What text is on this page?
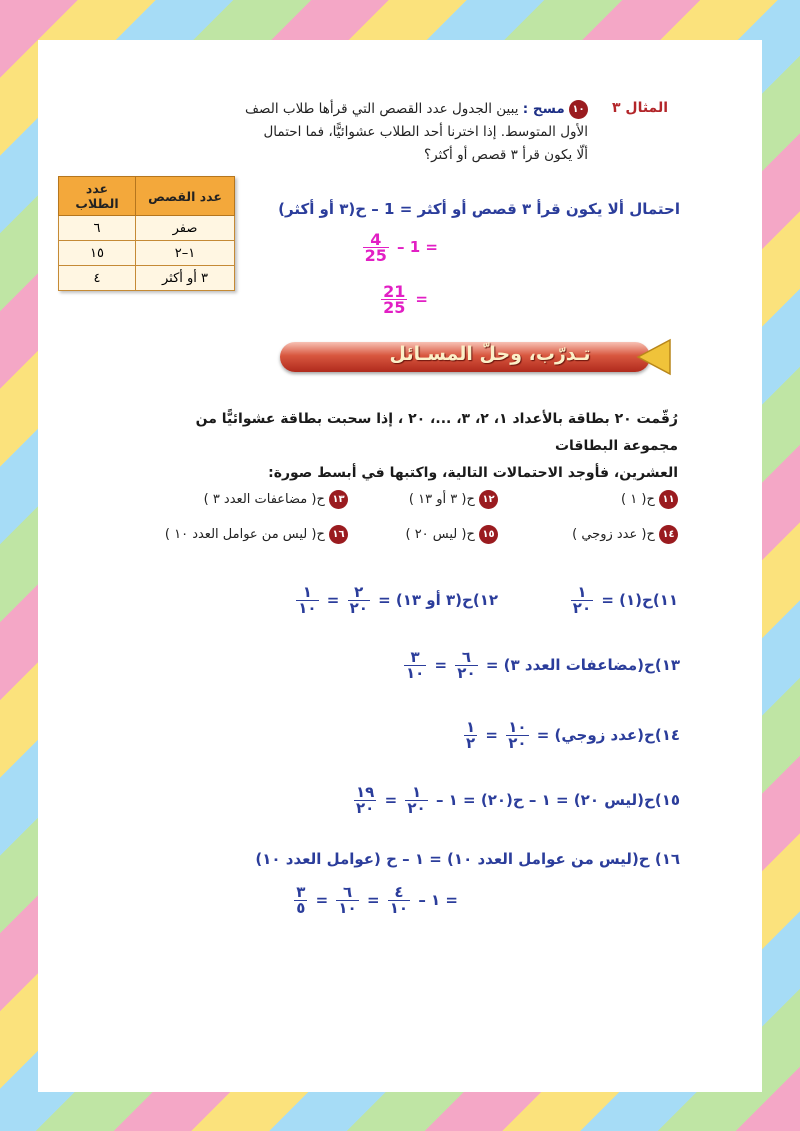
المثال ٣
١٠ مسح : يبين الجدول عدد القصص التي قرأها طلاب الصف
الأول المتوسط. إذا اخترنا أحد الطلاب عشوائيًّا، فما احتمال
ألّا يكون قرأ ٣ قصص أو أكثر؟
عدد القصص	عدد الطلاب
صفر	٦
١–٢	١٥
٣ أو أكثر	٤
احتمال ألا يكون قرأ ٣ قصص أو أكثر = 1 – ح(٣ أو أكثر)
= 1 –
$\frac{4}{25}$
=
$\frac{21}{25}$
تـدرّب، وحلّ المسـائل
رُقّمت ٢٠ بطاقة بالأعداد ١، ٢، ٣، ...، ٢٠ ، إذا سحبت بطاقة عشوائيًّا من مجموعة البطاقات
العشرين، فأوجد الاحتمالات التالية، واكتبها في أبسط صورة:
١١ ح( ١ )
١٢ ح( ٣ أو ١٣ )
١٣ ح( مضاعفات العدد ٣ )
١٤ ح( عدد زوجي )
١٥ ح( ليس ٢٠ )
١٦ ح( ليس من عوامل العدد ١٠ )
١١)ح(١) =
$\frac{١}{٢٠}$
١٢)ح(٣ أو ١٣) =
$\frac{٢}{٢٠}$
=
$\frac{١}{١٠}$
١٣)ح(مضاعفات العدد ٣) =
$\frac{٦}{٢٠}$
=
$\frac{٣}{١٠}$
١٤)ح(عدد زوجي) =
$\frac{١٠}{٢٠}$
=
$\frac{١}{٢}$
١٥)ح(ليس ٢٠) = ١ – ح(٢٠) = ١ –
$\frac{١}{٢٠}$
=
$\frac{١٩}{٢٠}$
١٦) ح(ليس من عوامل العدد ١٠) = ١ – ح (عوامل العدد ١٠)
= ١ –
$\frac{٤}{١٠}$
=
$\frac{٦}{١٠}$
=
$\frac{٣}{٥}$
